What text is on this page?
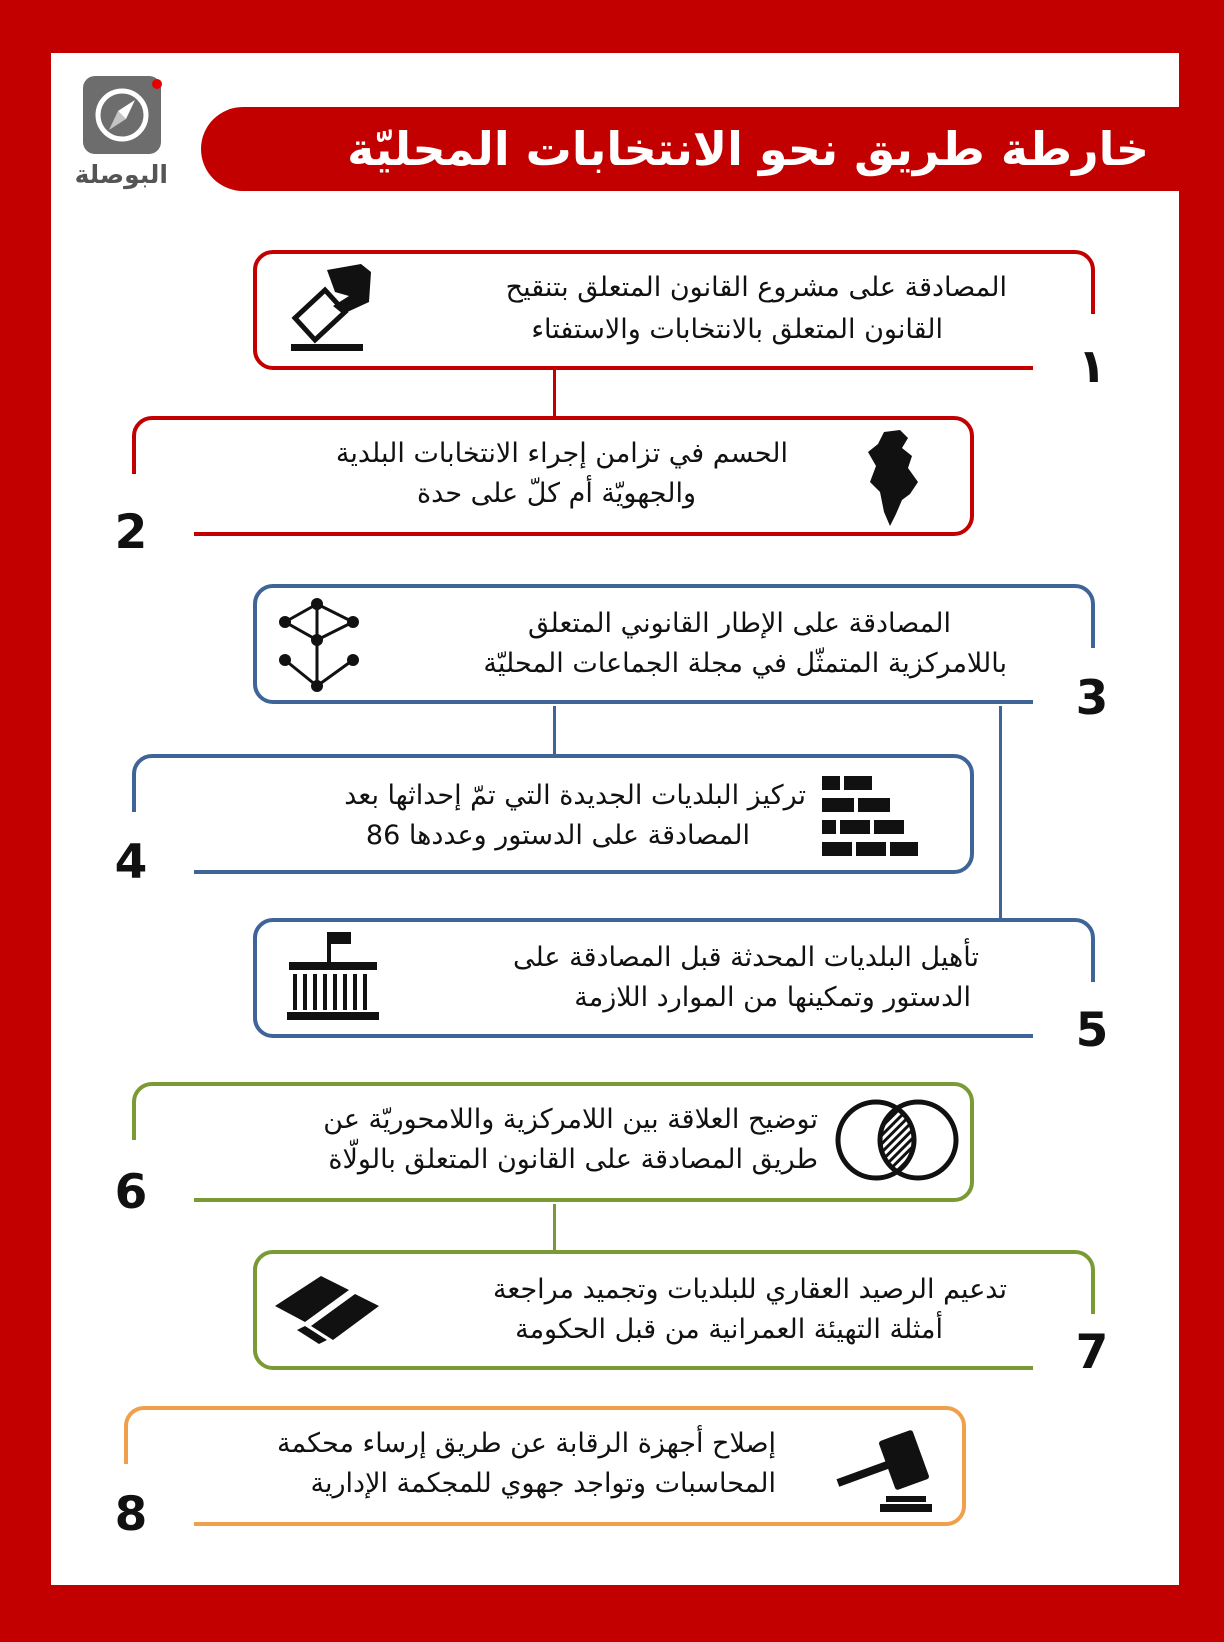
البوصلة	خارطة طريق نحو الانتخابات المحليّة
المصادقة على مشروع القانون المتعلق بتنقيح
القانون المتعلق بالانتخابات والاستفتاء
١
الحسم في تزامن إجراء الانتخابات البلدية
والجهويّة أم كلّ على حدة
2
المصادقة على الإطار القانوني المتعلق
باللامركزية المتمثّل في مجلة الجماعات المحليّة
3
تركيز البلديات الجديدة التي تمّ إحداثها بعد
المصادقة على الدستور وعددها 86
4
تأهيل البلديات المحدثة قبل المصادقة على
الدستور وتمكينها من الموارد اللازمة
5
توضيح العلاقة بين اللامركزية واللامحوريّة عن
طريق المصادقة على القانون المتعلق بالولّاة
6
تدعيم الرصيد العقاري للبلديات وتجميد مراجعة
أمثلة التهيئة العمرانية من قبل الحكومة	7
إصلاح أجهزة الرقابة عن طريق إرساء محكمة
المحاسبات وتواجد جهوي للمجكمة الإدارية
8
